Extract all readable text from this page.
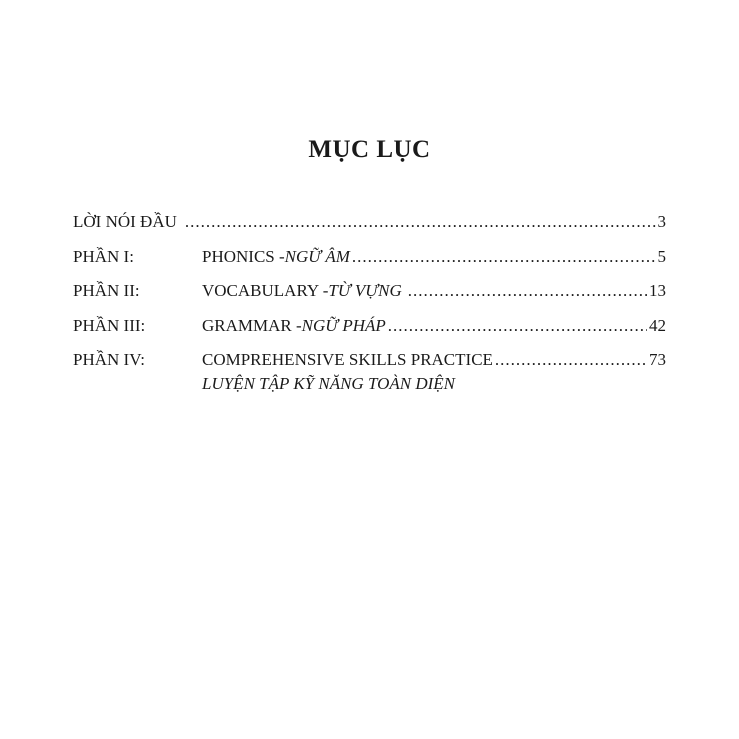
MỤC LỤC
LỜI NÓI ĐẦU .....	3
PHẦN I:	PHONICS - NGỮ ÂM .....	5
PHẦN II:	VOCABULARY - TỪ VỰNG .....	13
PHẦN III:	GRAMMAR - NGỮ PHÁP .....	42
PHẦN IV:	COMPREHENSIVE SKILLS PRACTICE .....	73
LUYỆN TẬP KỸ NĂNG TOÀN DIỆN
